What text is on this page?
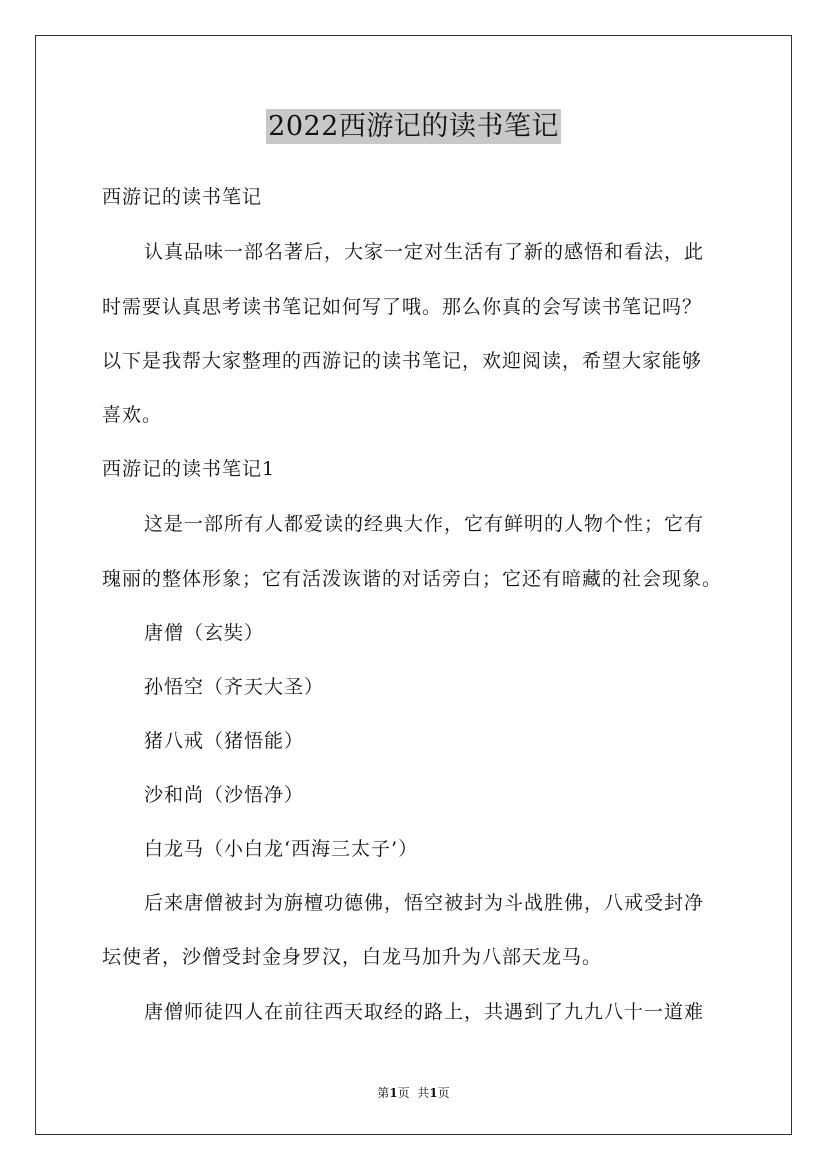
2022西游记的读书笔记
西游记的读书笔记
认真品味一部名著后，大家一定对生活有了新的感悟和看法，此
时需要认真思考读书笔记如何写了哦。那么你真的会写读书笔记吗？
以下是我帮大家整理的西游记的读书笔记，欢迎阅读，希望大家能够
喜欢。
西游记的读书笔记1
这是一部所有人都爱读的经典大作，它有鲜明的人物个性；它有
瑰丽的整体形象；它有活泼诙谐的对话旁白；它还有暗藏的社会现象。
唐僧（玄奘）
孙悟空（齐天大圣）
猪八戒（猪悟能）
沙和尚（沙悟净）
白龙马（小白龙‘西海三太子’）
后来唐僧被封为旃檀功德佛，悟空被封为斗战胜佛，八戒受封净
坛使者，沙僧受封金身罗汉，白龙马加升为八部天龙马。
唐僧师徒四人在前往西天取经的路上，共遇到了九九八十一道难
第1页  共1页
